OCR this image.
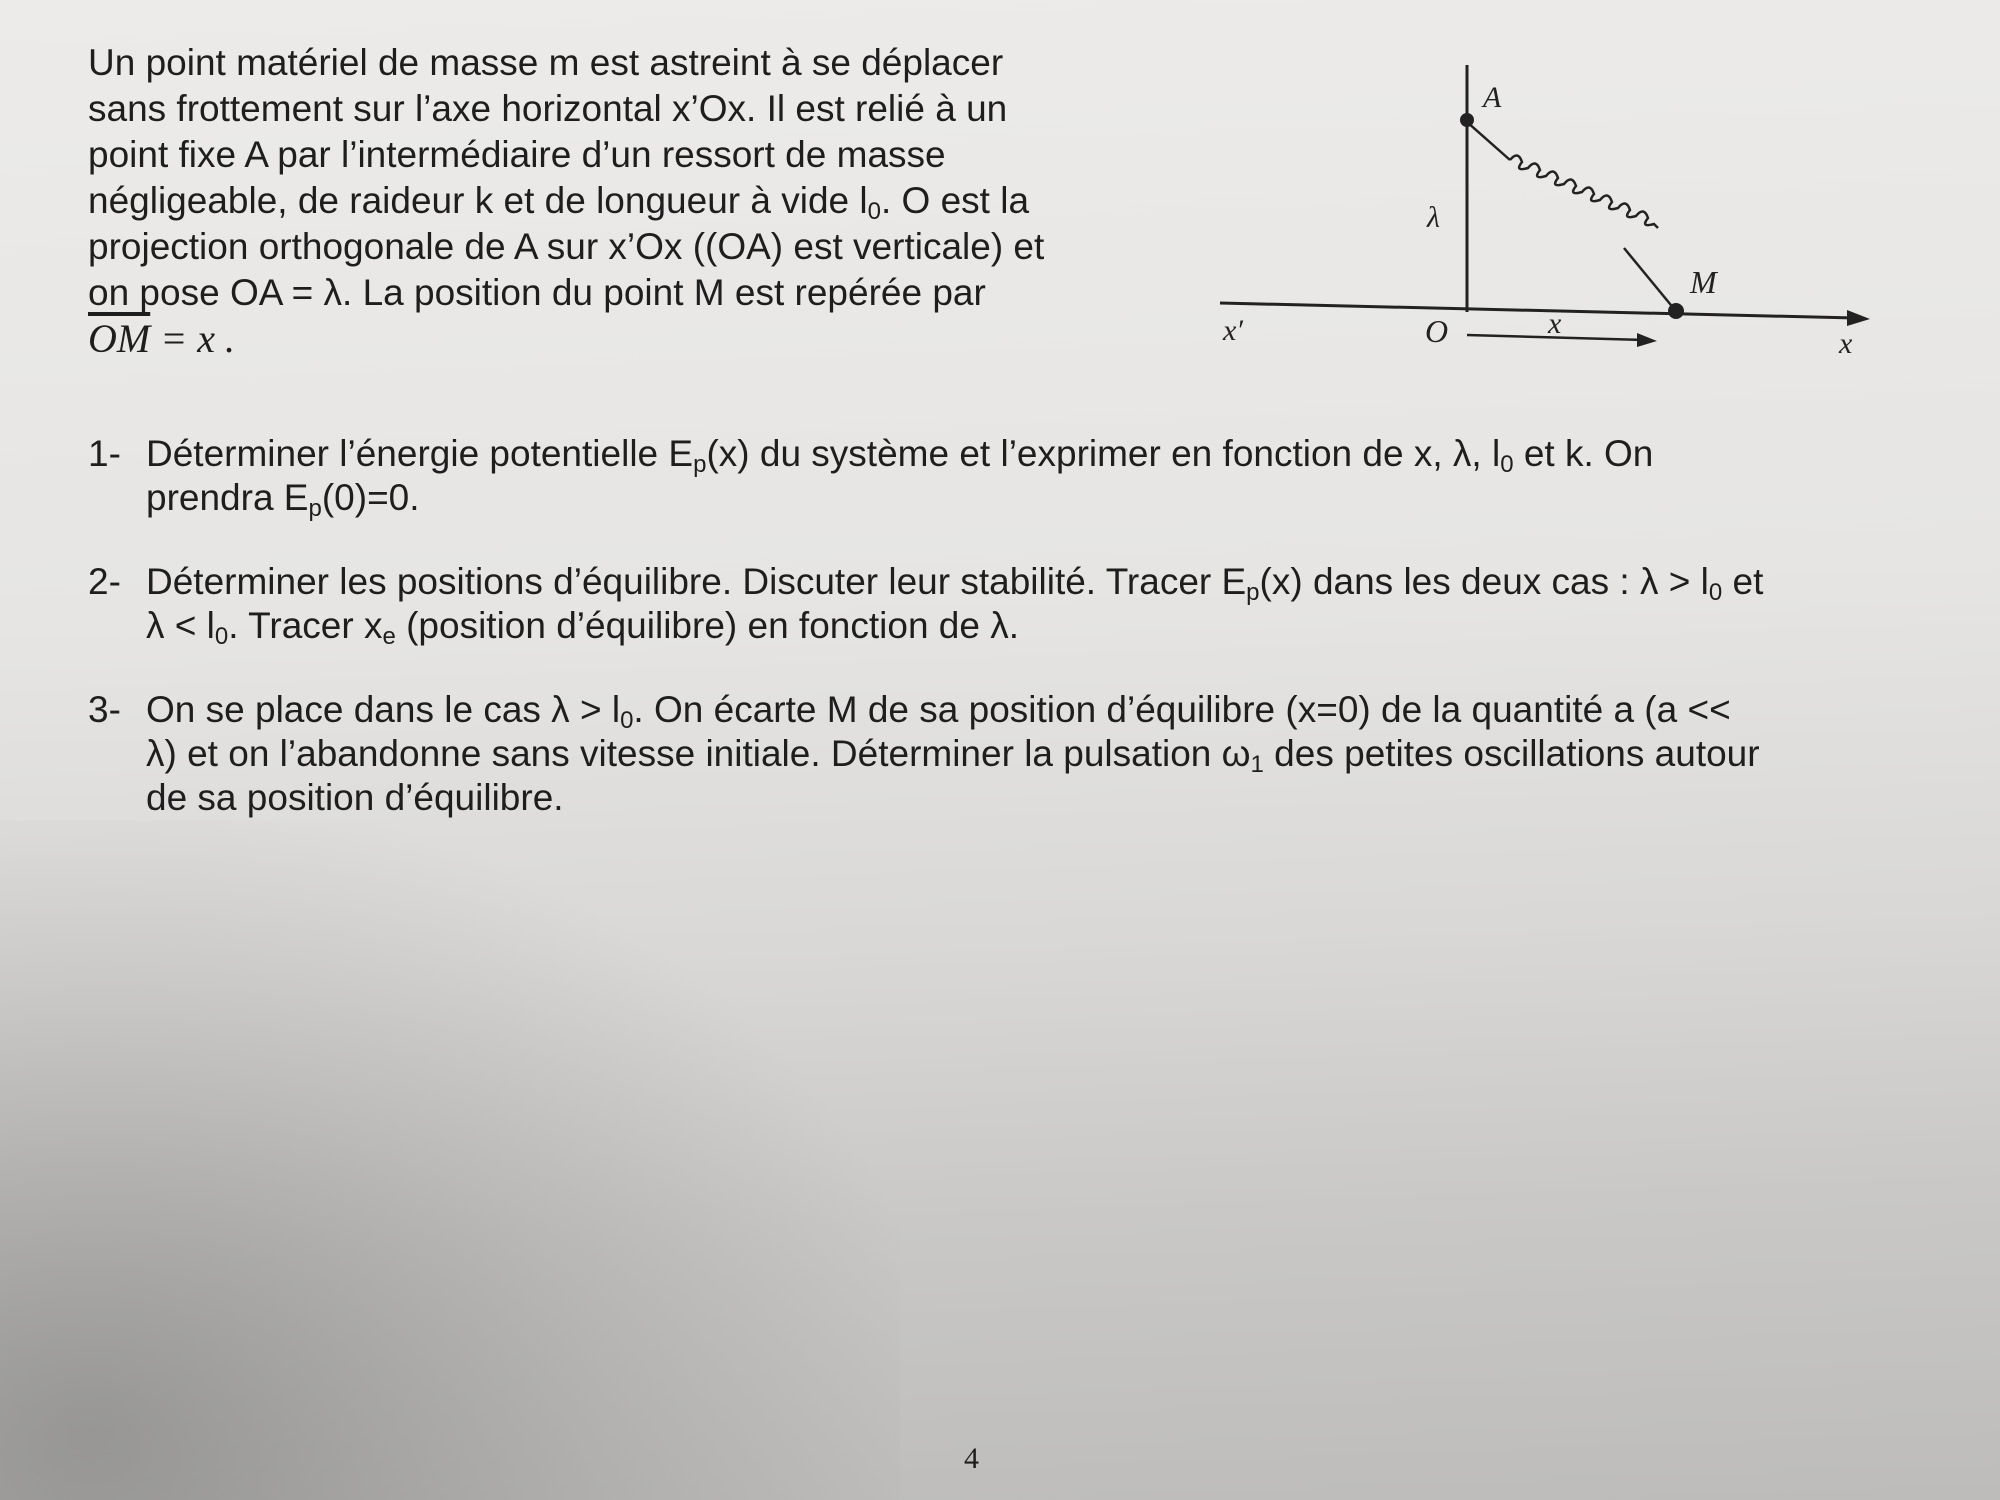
Un point matériel de masse m est astreint à se déplacer
sans frottement sur l’axe horizontal x’Ox. Il est relié à un
point fixe A par l’intermédiaire d’un ressort de masse
négligeable, de raideur k et de longueur à vide $l_0$. O est la
projection orthogonale de A sur x’Ox ((OA) est verticale) et
on pose OA = λ. La position du point M est repérée par
$\overline{OM} = x$ .
A
λ
M
x′	O	x
x
1- Déterminer l’énergie potentielle $E_p(x)$ du système et l’exprimer en fonction de x, λ, $l_0$ et k. On
prendra $E_p(0)=0$.
2- Déterminer les positions d’équilibre. Discuter leur stabilité. Tracer $E_p(x)$ dans les deux cas : $\lambda > l_0$ et
$\lambda < l_0$. Tracer $x_e$ (position d’équilibre) en fonction de λ.
3- On se place dans le cas $\lambda > l_0$. On écarte M de sa position d’équilibre (x=0) de la quantité a (a <<
λ) et on l’abandonne sans vitesse initiale. Déterminer la pulsation $\omega_1$ des petites oscillations autour
de sa position d’équilibre.
4
